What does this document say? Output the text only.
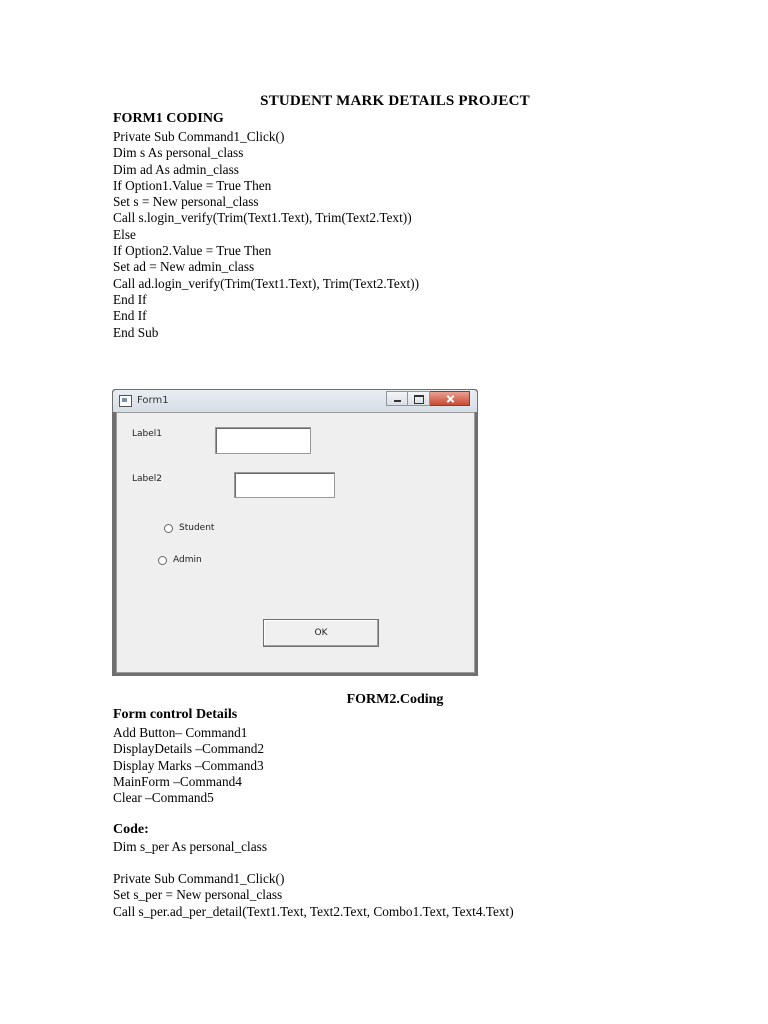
STUDENT MARK DETAILS PROJECT
FORM1 CODING
Private Sub Command1_Click()
Dim s As personal_class
Dim ad As admin_class
If Option1.Value = True Then
Set s = New personal_class
Call s.login_verify(Trim(Text1.Text), Trim(Text2.Text))
Else
If Option2.Value = True Then
Set ad = New admin_class
Call ad.login_verify(Trim(Text1.Text), Trim(Text2.Text))
End If
End If
End Sub
Form1
Label1
Label2
Student
Admin
OK
FORM2.Coding
Form control Details
Add Button– Command1
DisplayDetails –Command2
Display Marks –Command3
MainForm –Command4
Clear –Command5
Code:
Dim s_per As personal_class
Private Sub Command1_Click()
Set s_per = New personal_class
Call s_per.ad_per_detail(Text1.Text, Text2.Text, Combo1.Text, Text4.Text)
